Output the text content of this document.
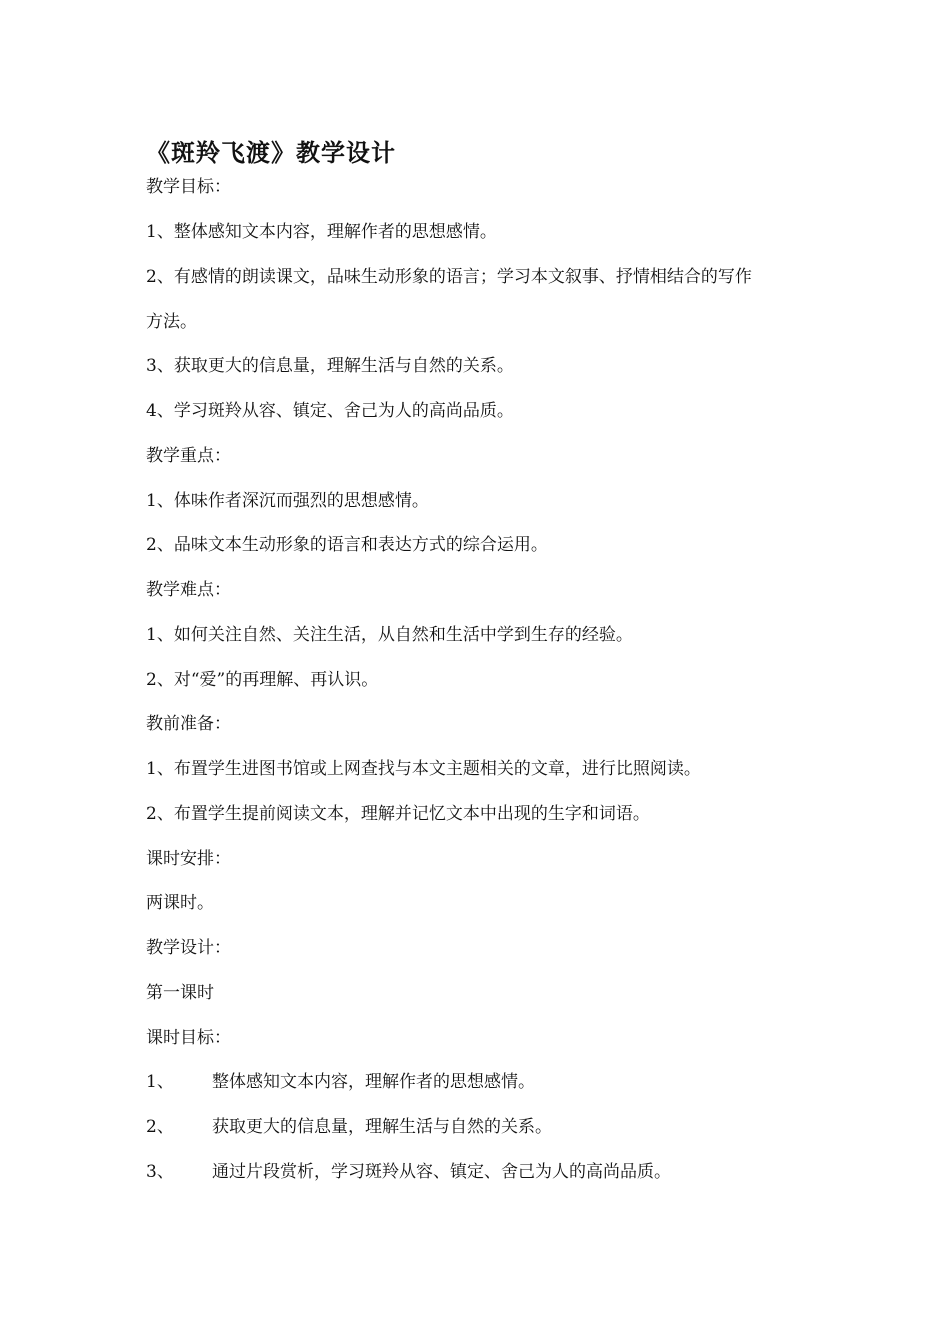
《斑羚飞渡》教学设计
教学目标：
1、整体感知文本内容，理解作者的思想感情。
2、有感情的朗读课文，品味生动形象的语言；学习本文叙事、抒情相结合的写作
方法。
3、获取更大的信息量，理解生活与自然的关系。
4、学习斑羚从容、镇定、舍己为人的高尚品质。
教学重点：
1、体味作者深沉而强烈的思想感情。
2、品味文本生动形象的语言和表达方式的综合运用。
教学难点：
1、如何关注自然、关注生活，从自然和生活中学到生存的经验。
2、对“爱”的再理解、再认识。
教前准备：
1、布置学生进图书馆或上网查找与本文主题相关的文章，进行比照阅读。
2、布置学生提前阅读文本，理解并记忆文本中出现的生字和词语。
课时安排：
两课时。
教学设计：
第一课时
课时目标：
1、 整体感知文本内容，理解作者的思想感情。
2、 获取更大的信息量，理解生活与自然的关系。
3、 通过片段赏析，学习斑羚从容、镇定、舍己为人的高尚品质。
